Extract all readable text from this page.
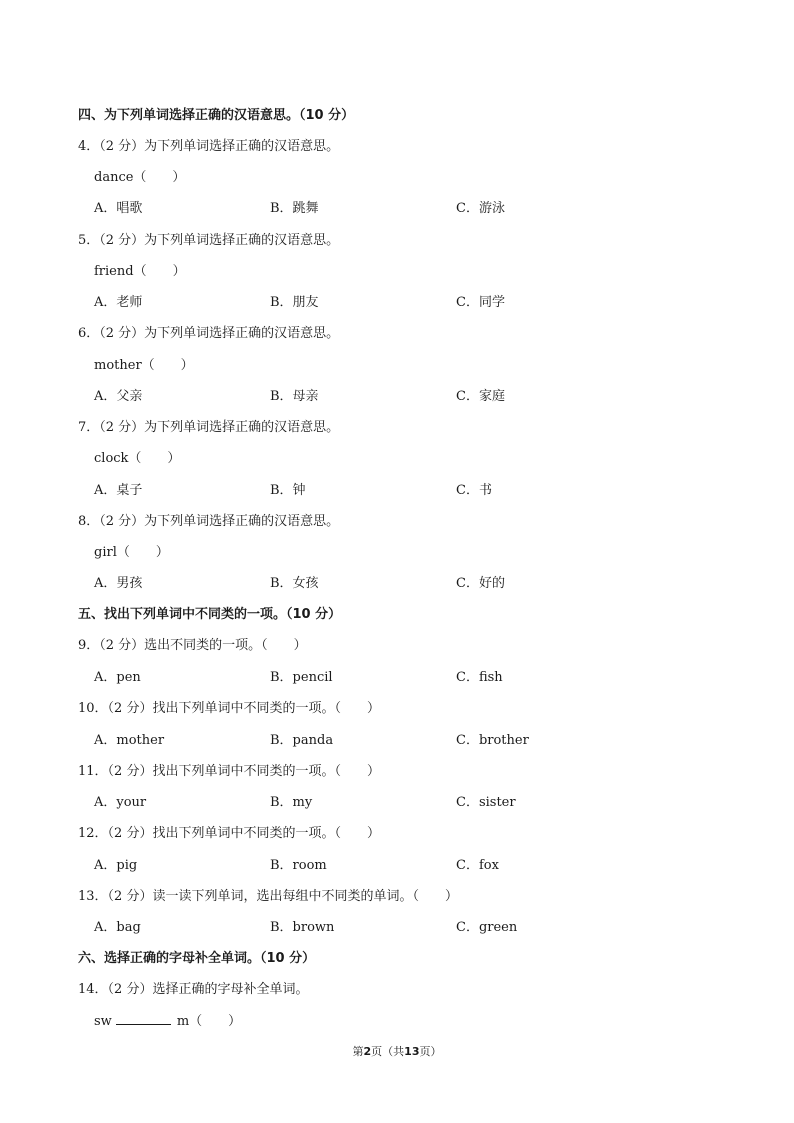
四、为下列单词选择正确的汉语意思。（10 分）
4．（2 分）为下列单词选择正确的汉语意思。
dance（　　）
A．唱歌	B．跳舞	C．游泳
5．（2 分）为下列单词选择正确的汉语意思。
friend（　　）
A．老师	B．朋友	C．同学
6．（2 分）为下列单词选择正确的汉语意思。
mother（　　）
A．父亲	B．母亲	C．家庭
7．（2 分）为下列单词选择正确的汉语意思。
clock（　　）
A．桌子	B．钟	C．书
8．（2 分）为下列单词选择正确的汉语意思。
girl（　　）
A．男孩	B．女孩	C．好的
五、找出下列单词中不同类的一项。（10 分）
9．（2 分）选出不同类的一项。（　　）
A．pen	B．pencil	C．fish
10．（2 分）找出下列单词中不同类的一项。（　　）
A．mother	B．panda	C．brother
11．（2 分）找出下列单词中不同类的一项。（　　）
A．your	B．my	C．sister
12．（2 分）找出下列单词中不同类的一项。（　　）
A．pig	B．room	C．fox
13．（2 分）读一读下列单词，选出每组中不同类的单词。（　　）
A．bag	B．brown	C．green
六、选择正确的字母补全单词。（10 分）
14．（2 分）选择正确的字母补全单词。
sw	m（　　）
第2页（共13页）
